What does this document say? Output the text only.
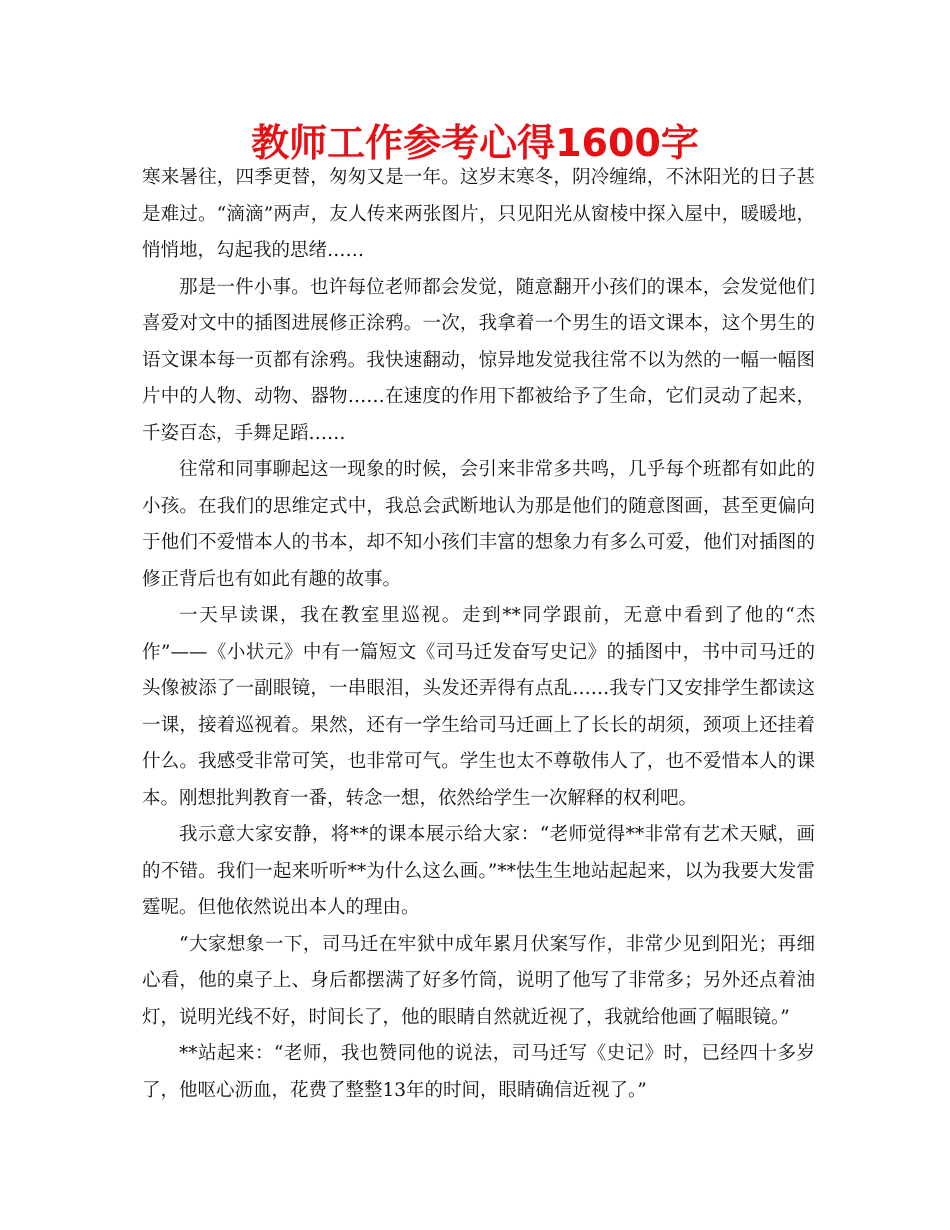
教师工作参考心得1600字

寒来暑往，四季更替，匆匆又是一年。这岁末寒冬，阴冷缠绵，不沐阳光的日子甚是难过。“滴滴”两声，友人传来两张图片，只见阳光从窗棱中探入屋中，暖暖地，悄悄地，勾起我的思绪……

那是一件小事。也许每位老师都会发觉，随意翻开小孩们的课本，会发觉他们喜爱对文中的插图进展修正涂鸦。一次，我拿着一个男生的语文课本，这个男生的语文课本每一页都有涂鸦。我快速翻动，惊异地发觉我往常不以为然的一幅一幅图片中的人物、动物、器物……在速度的作用下都被给予了生命，它们灵动了起来，千姿百态，手舞足蹈……

往常和同事聊起这一现象的时候，会引来非常多共鸣，几乎每个班都有如此的小孩。在我们的思维定式中，我总会武断地认为那是他们的随意图画，甚至更偏向于他们不爱惜本人的书本，却不知小孩们丰富的想象力有多么可爱，他们对插图的修正背后也有如此有趣的故事。

一天早读课，我在教室里巡视。走到**同学跟前，无意中看到了他的“杰作”——《小状元》中有一篇短文《司马迁发奋写史记》的插图中，书中司马迁的头像被添了一副眼镜，一串眼泪，头发还弄得有点乱……我专门又安排学生都读这一课，接着巡视着。果然，还有一学生给司马迁画上了长长的胡须，颈项上还挂着什么。我感受非常可笑，也非常可气。学生也太不尊敬伟人了，也不爱惜本人的课本。刚想批判教育一番，转念一想，依然给学生一次解释的权利吧。

我示意大家安静，将**的课本展示给大家：“老师觉得**非常有艺术天赋，画的不错。我们一起来听听**为什么这么画。”**怯生生地站起起来，以为我要大发雷霆呢。但他依然说出本人的理由。

“大家想象一下，司马迁在牢狱中成年累月伏案写作，非常少见到阳光；再细心看，他的桌子上、身后都摆满了好多竹筒，说明了他写了非常多；另外还点着油灯，说明光线不好，时间长了，他的眼睛自然就近视了，我就给他画了幅眼镜。”

**站起来：“老师，我也赞同他的说法，司马迁写《史记》时，已经四十多岁了，他呕心沥血，花费了整整13年的时间，眼睛确信近视了。”
